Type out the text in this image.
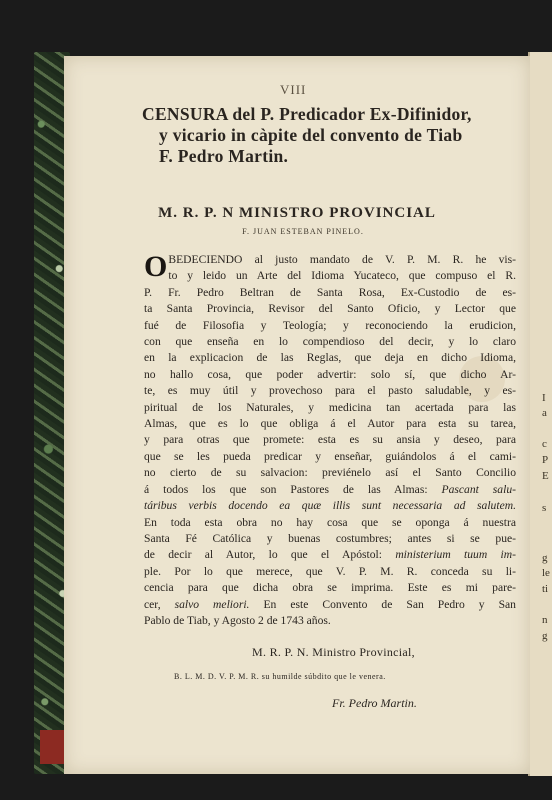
I
a
c
P
E
s
g
le
ti
n
g
VIII
CENSURA del P. Predicador Ex-Difinidor,
y vicario in càpite del convento de Tiab
F. Pedro Martin.
M. R. P. N MINISTRO PROVINCIAL
F. JUAN ESTEBAN PINELO.
O BEDECIENDO al justo mandato de V. P. M. R. he vis-
to y leido un Arte del Idioma Yucateco, que compuso el R.
P. Fr. Pedro Beltran de Santa Rosa, Ex-Custodio de es-
ta Santa Provincia, Revisor del Santo Oficio, y Lector que
fué de Filosofia y Teología; y reconociendo la erudicion,
con que enseña en lo compendioso del decir, y lo claro
en la explicacion de las Reglas, que deja en dicho Idioma,
no hallo cosa, que poder advertir: solo sí, que dicho Ar-
te, es muy útil y provechoso para el pasto saludable, y es-
piritual de los Naturales, y medicina tan acertada para las
Almas, que es lo que obliga á el Autor para esta su tarea,
y para otras que promete: esta es su ansia y deseo, para
que se les pueda predicar y enseñar, guiándolos á el cami-
no cierto de su salvacion: previénelo así el Santo Concilio
á todos los que son Pastores de las Almas: Pascant salu-
táribus verbis docendo ea quæ illis sunt necessaria ad salutem.
En toda esta obra no hay cosa que se oponga á nuestra
Santa Fé Católica y buenas costumbres; antes si se pue-
de decir al Autor, lo que el Apóstol: ministerium tuum im-
ple. Por lo que merece, que V. P. M. R. conceda su li-
cencia para que dicha obra se imprima. Este es mi pare-
cer, salvo meliori. En este Convento de San Pedro y San
Pablo de Tiab, y Agosto 2 de 1743 años.
M. R. P. N. Ministro Provincial,
B. L. M. D. V. P. M. R. su humilde súbdito que le venera.
Fr. Pedro Martin.
